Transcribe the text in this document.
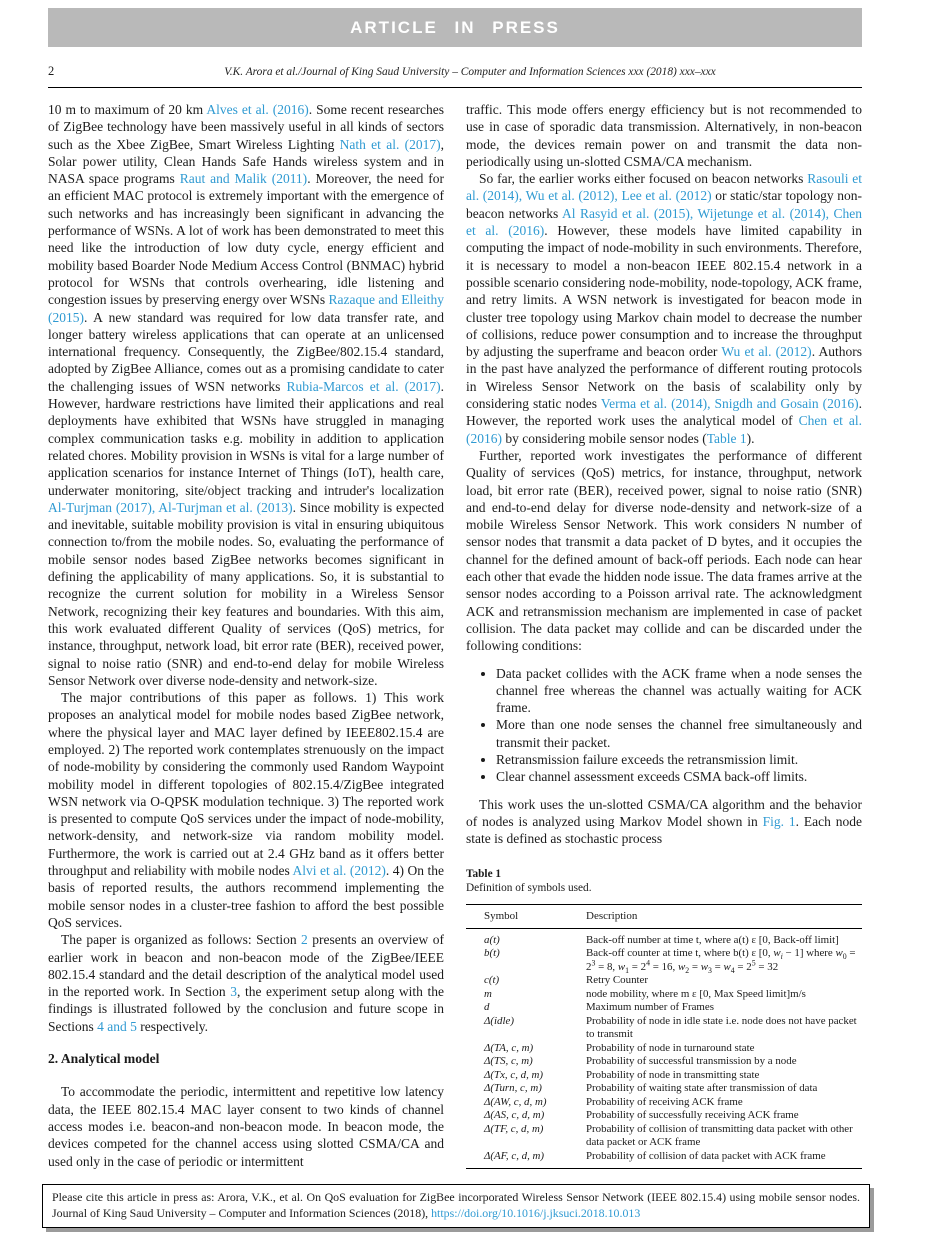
ARTICLE IN PRESS
2	V.K. Arora et al./Journal of King Saud University – Computer and Information Sciences xxx (2018) xxx–xxx

10 m to maximum of 20 km Alves et al. (2016). Some recent researches of ZigBee technology have been massively useful in all kinds of sectors such as the Xbee ZigBee, Smart Wireless Lighting Nath et al. (2017), Solar power utility, Clean Hands Safe Hands wireless system and in NASA space programs Raut and Malik (2011). Moreover, the need for an efficient MAC protocol is extremely important with the emergence of such networks and has increasingly been significant in advancing the performance of WSNs. A lot of work has been demonstrated to meet this need like the introduction of low duty cycle, energy efficient and mobility based Boarder Node Medium Access Control (BNMAC) hybrid protocol for WSNs that controls overhearing, idle listening and congestion issues by preserving energy over WSNs Razaque and Elleithy (2015). A new standard was required for low data transfer rate, and longer battery wireless applications that can operate at an unlicensed international frequency. Consequently, the ZigBee/802.15.4 standard, adopted by ZigBee Alliance, comes out as a promising candidate to cater the challenging issues of WSN networks Rubia-Marcos et al. (2017). However, hardware restrictions have limited their applications and real deployments have exhibited that WSNs have struggled in managing complex communication tasks e.g. mobility in addition to application related chores. Mobility provision in WSNs is vital for a large number of application scenarios for instance Internet of Things (IoT), health care, underwater monitoring, site/object tracking and intruder's localization Al-Turjman (2017), Al-Turjman et al. (2013). Since mobility is expected and inevitable, suitable mobility provision is vital in ensuring ubiquitous connection to/from the mobile nodes. So, evaluating the performance of mobile sensor nodes based ZigBee networks becomes significant in defining the applicability of many applications. So, it is substantial to recognize the current solution for mobility in a Wireless Sensor Network, recognizing their key features and boundaries. With this aim, this work evaluated different Quality of services (QoS) metrics, for instance, throughput, network load, bit error rate (BER), received power, signal to noise ratio (SNR) and end-to-end delay for mobile Wireless Sensor Network over diverse node-density and network-size.

The major contributions of this paper as follows. 1) This work proposes an analytical model for mobile nodes based ZigBee network, where the physical layer and MAC layer defined by IEEE802.15.4 are employed. 2) The reported work contemplates strenuously on the impact of node-mobility by considering the commonly used Random Waypoint mobility model in different topologies of 802.15.4/ZigBee integrated WSN network via O-QPSK modulation technique. 3) The reported work is presented to compute QoS services under the impact of node-mobility, network-density, and network-size via random mobility model. Furthermore, the work is carried out at 2.4 GHz band as it offers better throughput and reliability with mobile nodes Alvi et al. (2012). 4) On the basis of reported results, the authors recommend implementing the mobile sensor nodes in a cluster-tree fashion to afford the best possible QoS services.

The paper is organized as follows: Section 2 presents an overview of earlier work in beacon and non-beacon mode of the ZigBee/IEEE 802.15.4 standard and the detail description of the analytical model used in the reported work. In Section 3, the experiment setup along with the findings is illustrated followed by the conclusion and future scope in Sections 4 and 5 respectively.

2. Analytical model

To accommodate the periodic, intermittent and repetitive low latency data, the IEEE 802.15.4 MAC layer consent to two kinds of channel access modes i.e. beacon-and non-beacon mode. In beacon mode, the devices competed for the channel access using slotted CSMA/CA and used only in the case of periodic or intermittent

traffic. This mode offers energy efficiency but is not recommended to use in case of sporadic data transmission. Alternatively, in non-beacon mode, the devices remain power on and transmit the data non-periodically using un-slotted CSMA/CA mechanism.

So far, the earlier works either focused on beacon networks Rasouli et al. (2014), Wu et al. (2012), Lee et al. (2012) or static/star topology non-beacon networks Al Rasyid et al. (2015), Wijetunge et al. (2014), Chen et al. (2016). However, these models have limited capability in computing the impact of node-mobility in such environments. Therefore, it is necessary to model a non-beacon IEEE 802.15.4 network in a possible scenario considering node-mobility, node-topology, ACK frame, and retry limits. A WSN network is investigated for beacon mode in cluster tree topology using Markov chain model to decrease the number of collisions, reduce power consumption and to increase the throughput by adjusting the superframe and beacon order Wu et al. (2012). Authors in the past have analyzed the performance of different routing protocols in Wireless Sensor Network on the basis of scalability only by considering static nodes Verma et al. (2014), Snigdh and Gosain (2016). However, the reported work uses the analytical model of Chen et al. (2016) by considering mobile sensor nodes (Table 1).

Further, reported work investigates the performance of different Quality of services (QoS) metrics, for instance, throughput, network load, bit error rate (BER), received power, signal to noise ratio (SNR) and end-to-end delay for diverse node-density and network-size of a mobile Wireless Sensor Network. This work considers N number of sensor nodes that transmit a data packet of D bytes, and it occupies the channel for the defined amount of back-off periods. Each node can hear each other that evade the hidden node issue. The data frames arrive at the sensor nodes according to a Poisson arrival rate. The acknowledgment ACK and retransmission mechanism are implemented in case of packet collision. The data packet may collide and can be discarded under the following conditions:

• Data packet collides with the ACK frame when a node senses the channel free whereas the channel was actually waiting for ACK frame.
• More than one node senses the channel free simultaneously and transmit their packet.
• Retransmission failure exceeds the retransmission limit.
• Clear channel assessment exceeds CSMA back-off limits.

This work uses the un-slotted CSMA/CA algorithm and the behavior of nodes is analyzed using Markov Model shown in Fig. 1. Each node state is defined as stochastic process

Table 1
Definition of symbols used.
Symbol	Description
a(t)	Back-off number at time t, where a(t) ε [0, Back-off limit]
b(t)	Back-off counter at time t, where b(t) ε [0, $w_i - 1$] where $w_0 = 2^3 = 8$, $w_1 = 2^4 = 16$, $w_2 = w_3 = w_4 = 2^5 = 32$
c(t)	Retry Counter
m	node mobility, where m ε [0, Max Speed limit]m/s
d	Maximum number of Frames
Δ(idle)	Probability of node in idle state i.e. node does not have packet to transmit
Δ(TA, c, m)	Probability of node in turnaround state
Δ(TS, c, m)	Probability of successful transmission by a node
Δ(Tx, c, d, m)	Probability of node in transmitting state
Δ(Turn, c, m)	Probability of waiting state after transmission of data
Δ(AW, c, d, m)	Probability of receiving ACK frame
Δ(AS, c, d, m)	Probability of successfully receiving ACK frame
Δ(TF, c, d, m)	Probability of collision of transmitting data packet with other data packet or ACK frame
Δ(AF, c, d, m)	Probability of collision of data packet with ACK frame
Please cite this article in press as: Arora, V.K., et al. On QoS evaluation for ZigBee incorporated Wireless Sensor Network (IEEE 802.15.4) using mobile sensor nodes. Journal of King Saud University – Computer and Information Sciences (2018), https://doi.org/10.1016/j.jksuci.2018.10.013
